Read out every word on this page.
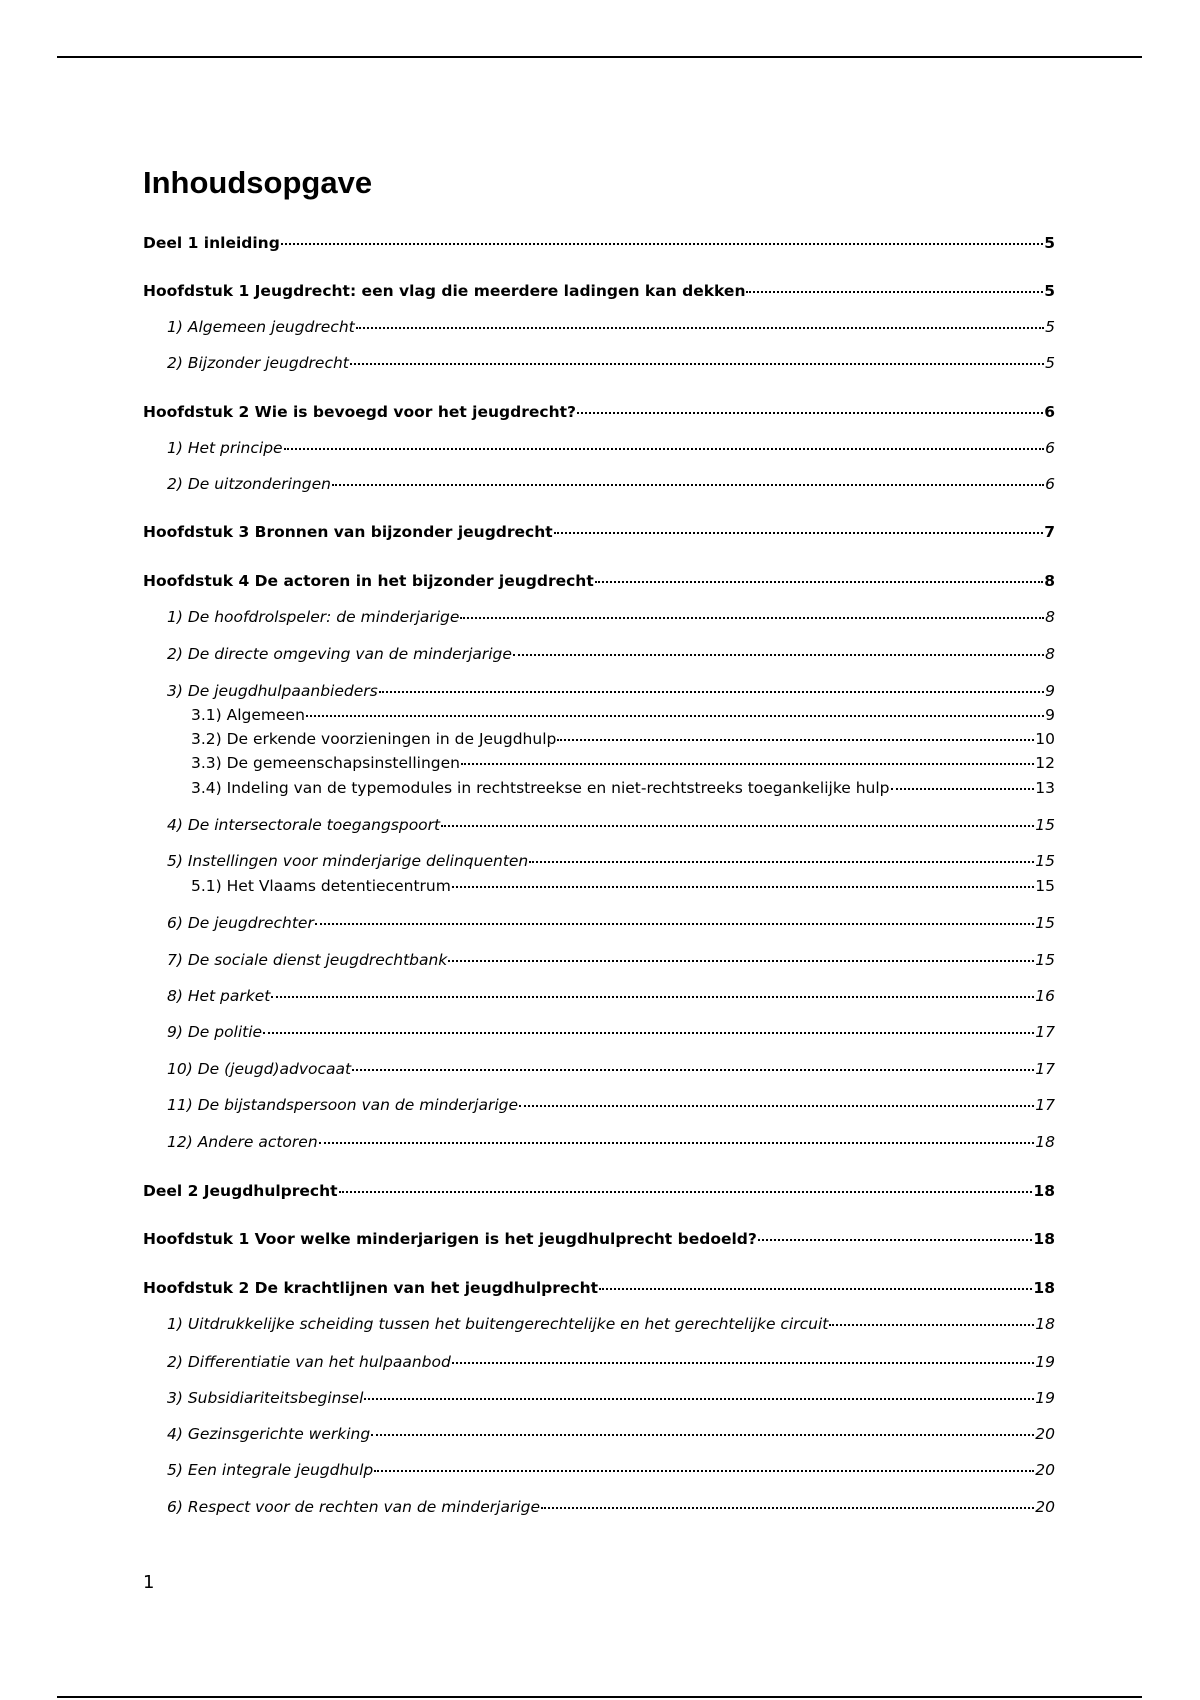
Inhoudsopgave
Deel 1 inleiding	5
Hoofdstuk 1 Jeugdrecht: een vlag die meerdere ladingen kan dekken	5
1) Algemeen jeugdrecht	5
2) Bijzonder jeugdrecht	5
Hoofdstuk 2 Wie is bevoegd voor het jeugdrecht?	6
1) Het principe	6
2) De uitzonderingen	6
Hoofdstuk 3 Bronnen van bijzonder jeugdrecht	7
Hoofdstuk 4 De actoren in het bijzonder jeugdrecht	8
1) De hoofdrolspeler: de minderjarige	8
2) De directe omgeving van de minderjarige	8
3) De jeugdhulpaanbieders	9
3.1) Algemeen	9
3.2) De erkende voorzieningen in de Jeugdhulp	10
3.3) De gemeenschapsinstellingen	12
3.4) Indeling van de typemodules in rechtstreekse en niet-rechtstreeks toegankelijke hulp	13
4) De intersectorale toegangspoort	15
5) Instellingen voor minderjarige delinquenten	15
5.1) Het Vlaams detentiecentrum	15
6) De jeugdrechter	15
7) De sociale dienst jeugdrechtbank	15
8) Het parket	16
9) De politie	17
10) De (jeugd)advocaat	17
11) De bijstandspersoon van de minderjarige	17
12) Andere actoren	18
Deel 2 Jeugdhulprecht	18
Hoofdstuk 1 Voor welke minderjarigen is het jeugdhulprecht bedoeld?	18
Hoofdstuk 2 De krachtlijnen van het jeugdhulprecht	18
1) Uitdrukkelijke scheiding tussen het buitengerechtelijke en het gerechtelijke circuit	18
2) Differentiatie van het hulpaanbod	19
3) Subsidiariteitsbeginsel	19
4) Gezinsgerichte werking	20
5) Een integrale jeugdhulp	20
6) Respect voor de rechten van de minderjarige	20
1
